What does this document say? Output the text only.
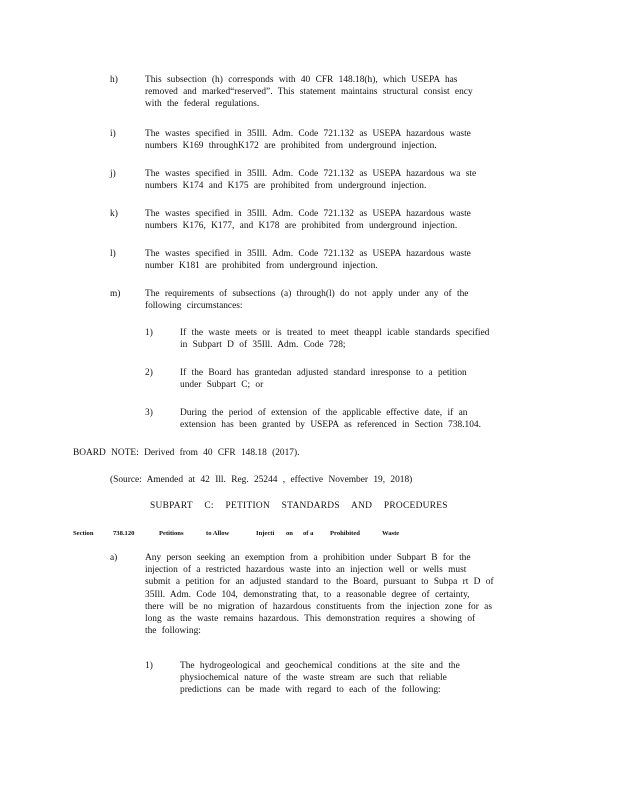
h)	This subsection (h) corresponds with 40 CFR 148.18(h), which USEPA has
removed and marked“reserved”. This statement maintains structural consist ency
with the federal regulations.
i)	The wastes specified in 35Ill. Adm. Code 721.132 as USEPA hazardous waste
numbers K169 throughK172 are prohibited from underground injection.
j)	The wastes specified in 35Ill. Adm. Code 721.132 as USEPA hazardous wa ste
numbers K174 and K175 are prohibited from underground injection.
k)	The wastes specified in 35Ill. Adm. Code 721.132 as USEPA hazardous waste
numbers K176, K177, and K178 are prohibited from underground injection.
l)	The wastes specified in 35Ill. Adm. Code 721.132 as USEPA hazardous waste
number K181 are prohibited from underground injection.
m)	The requirements of subsections (a) through(l) do not apply under any of the
following circumstances:
1)	If the waste meets or is treated to meet theappl icable standards specified
in Subpart D of 35Ill. Adm. Code 728;
2)	If the Board has grantedan adjusted standard inresponse to a petition
under Subpart C; or
3)	During the period of extension of the applicable effective date, if an
extension has been granted by USEPA as referenced in Section 738.104.
BOARD NOTE: Derived from 40 CFR 148.18 (2017).
(Source: Amended at 42 Ill. Reg. 25244 , effective November 19, 2018)
SUBPART C: PETITION STANDARDS AND PROCEDURES
Section	738.120	Petitions	to Allow	Injecti on of a	Prohibited	Waste
a)	Any person seeking an exemption from a prohibition under Subpart B for the
injection of a restricted hazardous waste into an injection well or wells must
submit a petition for an adjusted standard to the Board, pursuant to Subpa rt D of
35Ill. Adm. Code 104, demonstrating that, to a reasonable degree of certainty,
there will be no migration of hazardous constituents from the injection zone for as
long as the waste remains hazardous. This demonstration requires a showing of
the following:
1)	The hydrogeological and geochemical conditions at the site and the
physiochemical nature of the waste stream are such that reliable
predictions can be made with regard to each of the following:
